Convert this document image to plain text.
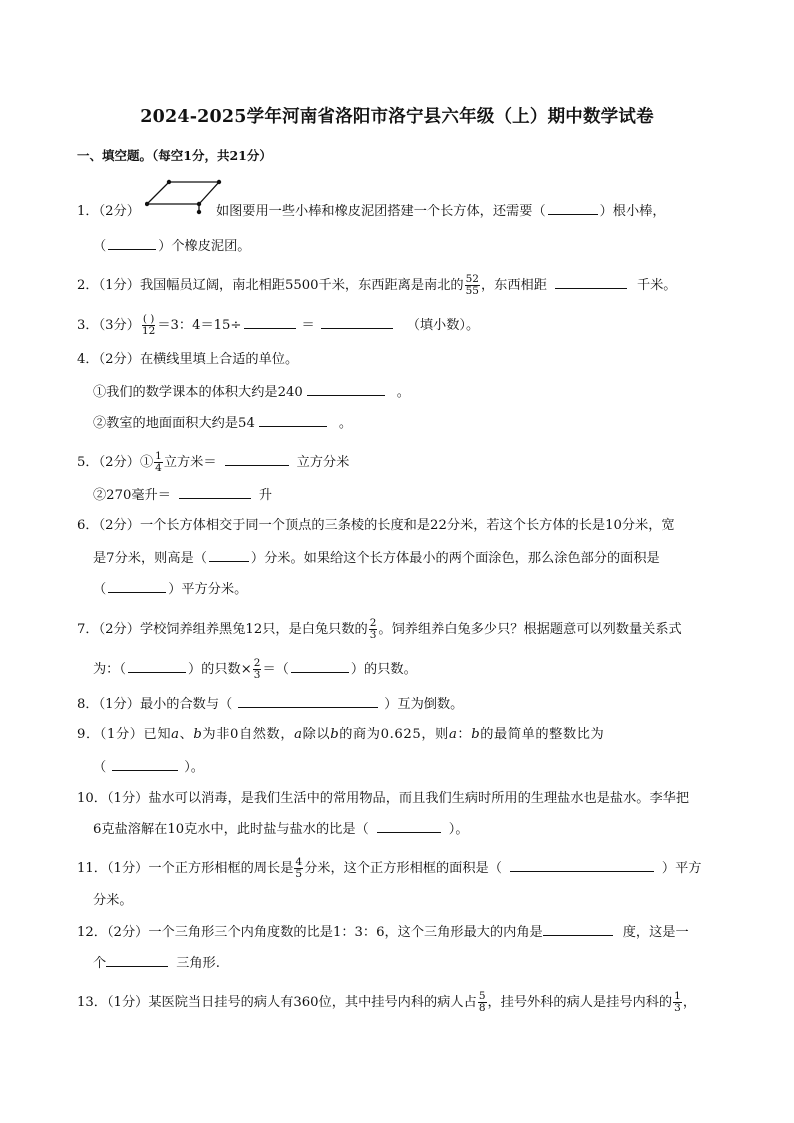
2024-2025学年河南省洛阳市洛宁县六年级（上）期中数学试卷
一、填空题。（每空1分，共21分）
1．（2分）	如图要用一些小棒和橡皮泥团搭建一个长方体，还需要（	）根小棒，
（	）个橡皮泥团。
2．（1分）我国幅员辽阔，南北相距5500千米，东西距离是南北的 $\frac{52}{55}$ ，东西相距	千米。
3．（3分） $\frac{( )}{12} =3$：4＝15÷	＝	（填小数）。
4．（2分）在横线里填上合适的单位。
①我们的数学课本的体积大约是240	。
②教室的地面面积大约是54	。
5．（2分）① $\frac{1}{4}$ 立方米＝	立方分米
②270毫升＝	升
6．（2分）一个长方体相交于同一个顶点的三条棱的长度和是22分米，若这个长方体的长是10分米，宽
是7分米，则高是（	）分米。如果给这个长方体最小的两个面涂色，那么涂色部分的面积是
（	）平方分米。
7．（2分）学校饲养组养黑兔12只，是白兔只数的 $\frac{2}{3}$ 。饲养组养白兔多少只？根据题意可以列数量关系式
为：（	）的只数× $\frac{2}{3}$ ＝（	）的只数。
8．（1分）最小的合数与（	）互为倒数。
9．（1分）已知a、b为非0自然数，a除以b的商为0.625，则a：b的最简单的整数比为
（	）。
10．（1分）盐水可以消毒，是我们生活中的常用物品，而且我们生病时所用的生理盐水也是盐水。李华把
6克盐溶解在10克水中，此时盐与盐水的比是（	）。
11．（1分）一个正方形相框的周长是 $\frac{4}{5}$ 分米，这个正方形相框的面积是（	）平方
分米。
12．（2分）一个三角形三个内角度数的比是1：3：6，这个三角形最大的内角是	度，这是一
个	三角形.
13．（1分）某医院当日挂号的病人有360位，其中挂号内科的病人占 $\frac{5}{8}$ ，挂号外科的病人是挂号内科的 $\frac{1}{3}$ ，
